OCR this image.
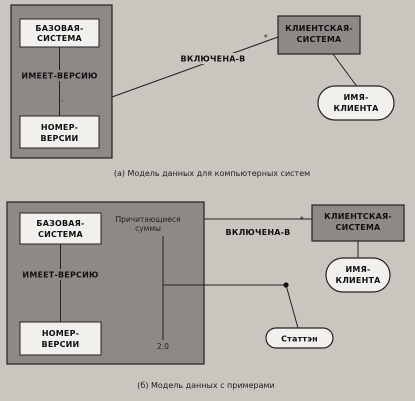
БАЗОВАЯ-
СИСТЕМА
ИМЕЕТ-ВЕРСИЮ
·
НОМЕР-
ВЕРСИИ
КЛИЕНТСКАЯ-
СИСТЕМА
*
ВКЛЮЧЕНА-В
ИМЯ-
КЛИЕНТА
(а) Модель данных для компьютерных систем
БАЗОВАЯ-
СИСТЕМА
ИМЕЕТ-ВЕРСИЮ
НОМЕР-
ВЕРСИИ
Причитающиеся
суммы
2.0
Статтэн
КЛИЕНТСКАЯ-
СИСТЕМА
·	*
ВКЛЮЧЕНА-В
ИМЯ-
КЛИЕНТА
(б) Модель данных с примерами
